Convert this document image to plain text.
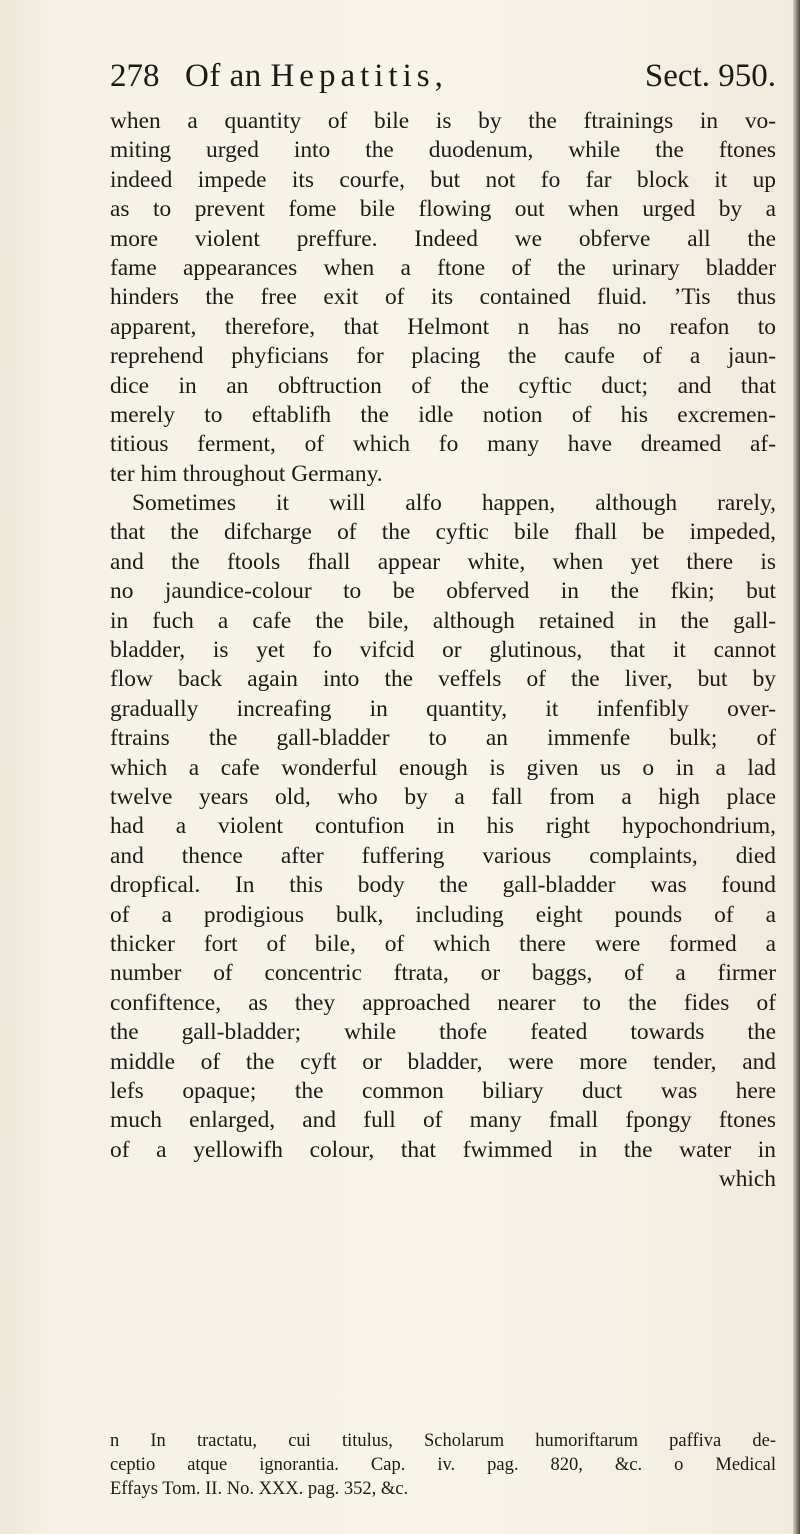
278 Of an Hepatitis,	Sect. 950.
when a quantity of bile is by the ftrainings in vo-
miting urged into the duodenum, while the ftones
indeed impede its courfe, but not fo far block it up
as to prevent fome bile flowing out when urged by a
more violent preffure. Indeed we obferve all the
fame appearances when a ftone of the urinary bladder
hinders the free exit of its contained fluid. ’Tis thus
apparent, therefore, that Helmont n has no reafon to
reprehend phyficians for placing the caufe of a jaun-
dice in an obftruction of the cyftic duct; and that
merely to eftablifh the idle notion of his excremen-
titious ferment, of which fo many have dreamed af-
ter him throughout Germany.
Sometimes it will alfo happen, although rarely,
that the difcharge of the cyftic bile fhall be impeded,
and the ftools fhall appear white, when yet there is
no jaundice-colour to be obferved in the fkin; but
in fuch a cafe the bile, although retained in the gall-
bladder, is yet fo vifcid or glutinous, that it cannot
flow back again into the veffels of the liver, but by
gradually increafing in quantity, it infenfibly over-
ftrains the gall-bladder to an immenfe bulk; of
which a cafe wonderful enough is given us o in a lad
twelve years old, who by a fall from a high place
had a violent contufion in his right hypochondrium,
and thence after fuffering various complaints, died
dropfical. In this body the gall-bladder was found
of a prodigious bulk, including eight pounds of a
thicker fort of bile, of which there were formed a
number of concentric ftrata, or baggs, of a firmer
confiftence, as they approached nearer to the fides of
the gall-bladder; while thofe feated towards the
middle of the cyft or bladder, were more tender, and
lefs opaque; the common biliary duct was here
much enlarged, and full of many fmall fpongy ftones
of a yellowifh colour, that fwimmed in the water in
which
n In tractatu, cui titulus, Scholarum humoriftarum paffiva de-
ceptio atque ignorantia. Cap. iv. pag. 820, &c. o Medical
Effays Tom. II. No. XXX. pag. 352, &c.
